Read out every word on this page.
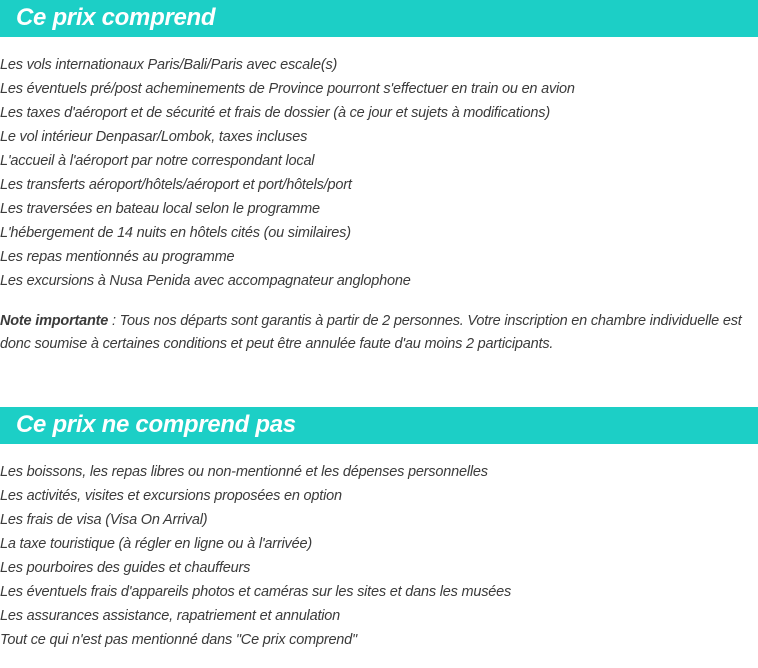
Ce prix comprend
Les vols internationaux Paris/Bali/Paris avec escale(s)
Les éventuels pré/post acheminements de Province pourront s'effectuer en train ou en avion
Les taxes d'aéroport et de sécurité et frais de dossier (à ce jour et sujets à modifications)
Le vol intérieur Denpasar/Lombok, taxes incluses
L'accueil à l'aéroport par notre correspondant local
Les transferts aéroport/hôtels/aéroport et port/hôtels/port
Les traversées en bateau local selon le programme
L'hébergement de 14 nuits en hôtels cités (ou similaires)
Les repas mentionnés au programme
Les excursions à Nusa Penida avec accompagnateur anglophone

Note importante : Tous nos départs sont garantis à partir de 2 personnes. Votre inscription en chambre individuelle est donc soumise à certaines conditions et peut être annulée faute d'au moins 2 participants.

Ce prix ne comprend pas
Les boissons, les repas libres ou non-mentionné et les dépenses personnelles
Les activités, visites et excursions proposées en option
Les frais de visa (Visa On Arrival)
La taxe touristique (à régler en ligne ou à l'arrivée)
Les pourboires des guides et chauffeurs
Les éventuels frais d'appareils photos et caméras sur les sites et dans les musées
Les assurances assistance, rapatriement et annulation
Tout ce qui n'est pas mentionné dans "Ce prix comprend"
